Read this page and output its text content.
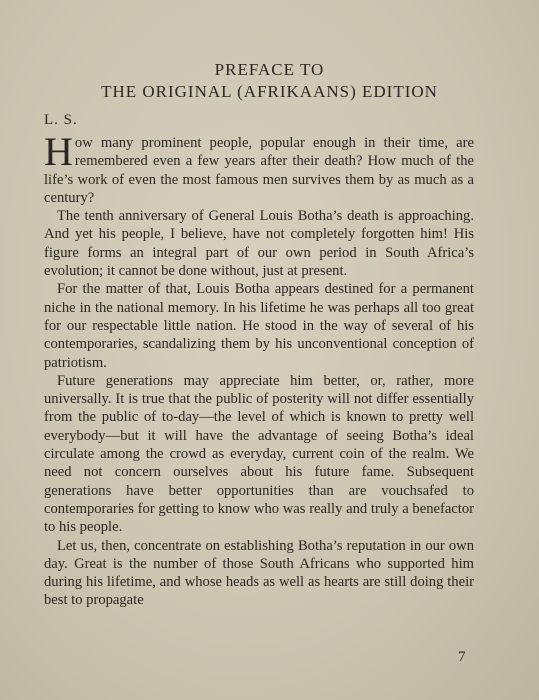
PREFACE TO
THE ORIGINAL (AFRIKAANS) EDITION
L. S.

How many prominent people, popular enough in their time, are remembered even a few years after their death? How much of the life’s work of even the most famous men survives them by as much as a century?

The tenth anniversary of General Louis Botha’s death is approaching. And yet his people, I believe, have not completely forgotten him! His figure forms an integral part of our own period in South Africa’s evolution; it cannot be done without, just at present.

For the matter of that, Louis Botha appears destined for a permanent niche in the national memory. In his lifetime he was perhaps all too great for our respectable little nation. He stood in the way of several of his contemporaries, scandalizing them by his unconventional conception of patriotism.

Future generations may appreciate him better, or, rather, more universally. It is true that the public of posterity will not differ essentially from the public of to-day—the level of which is known to pretty well everybody—but it will have the advantage of seeing Botha’s ideal circulate among the crowd as everyday, current coin of the realm. We need not concern ourselves about his future fame. Subsequent generations have better opportunities than are vouchsafed to contemporaries for getting to know who was really and truly a benefactor to his people.

Let us, then, concentrate on establishing Botha’s reputation in our own day. Great is the number of those South Africans who supported him during his lifetime, and whose heads as well as hearts are still doing their best to propagate

7
